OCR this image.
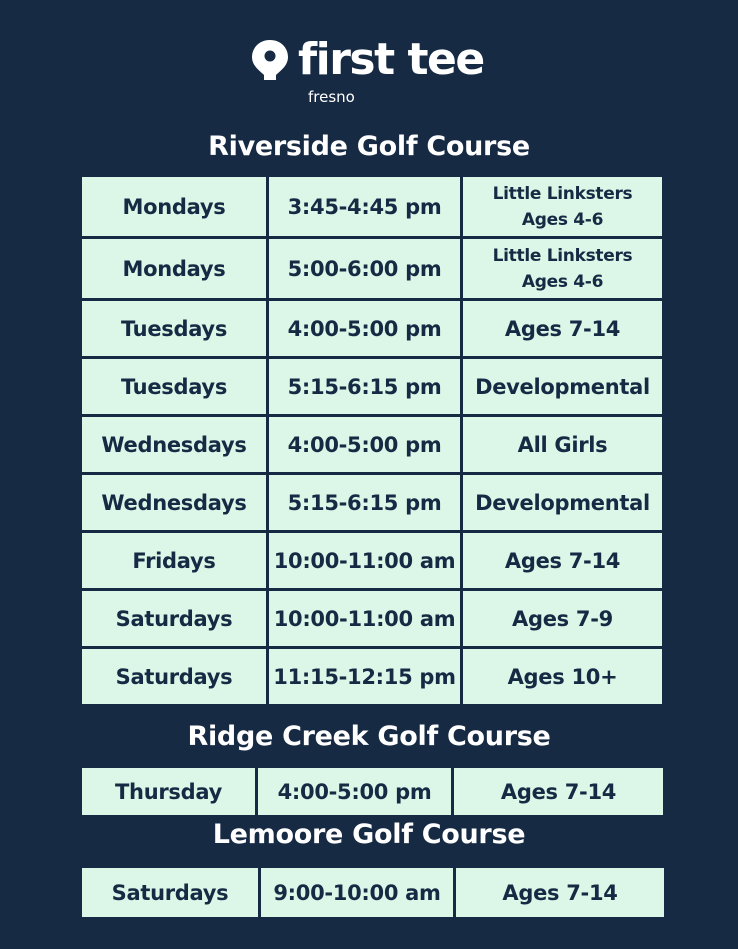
first tee
fresno
Riverside Golf Course
Mondays	3:45-4:45 pm	Little Linksters
Ages 4-6

Mondays	5:00-6:00 pm	Little Linksters
Ages 4-6

Tuesdays	4:00-5:00 pm	Ages 7-14
Tuesdays	5:15-6:15 pm	Developmental
Wednesdays	4:00-5:00 pm	All Girls
Wednesdays	5:15-6:15 pm	Developmental
Fridays	10:00-11:00 am	Ages 7-14
Saturdays	10:00-11:00 am	Ages 7-9
Saturdays	11:15-12:15 pm	Ages 10+
Ridge Creek Golf Course
Thursday	4:00-5:00 pm	Ages 7-14
Lemoore Golf Course
Saturdays	9:00-10:00 am	Ages 7-14
